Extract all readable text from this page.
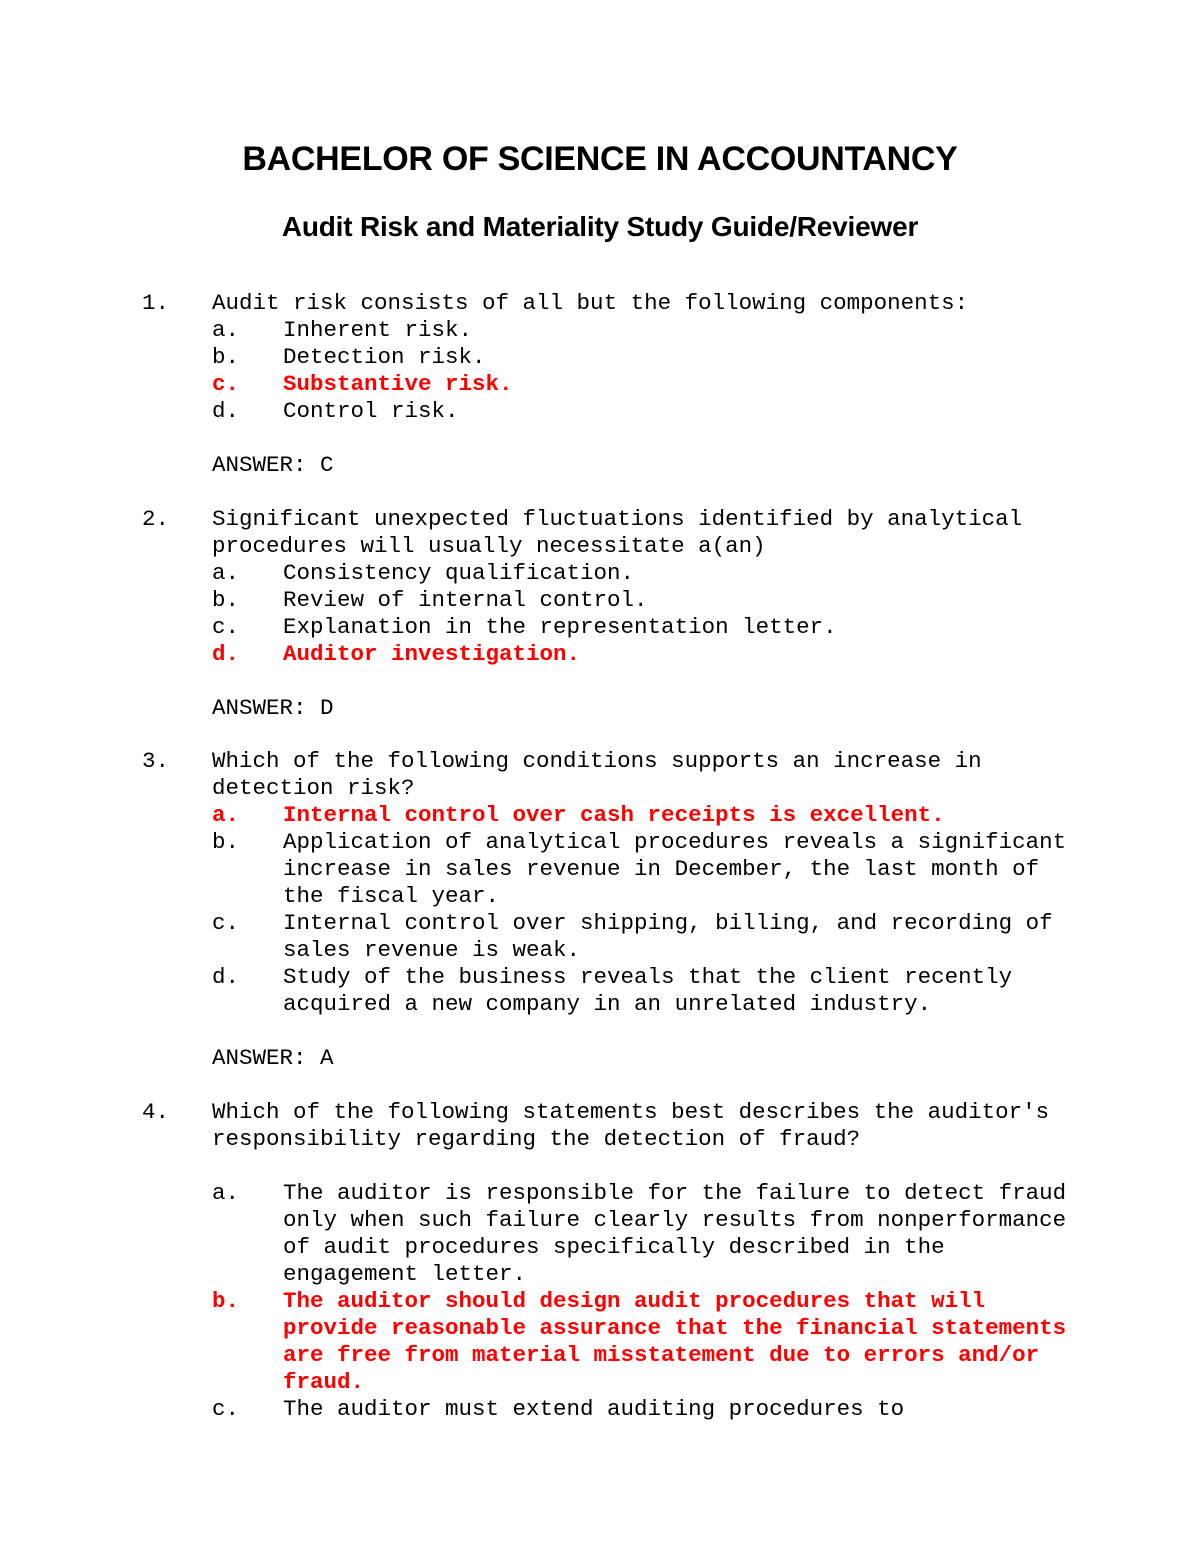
BACHELOR OF SCIENCE IN ACCOUNTANCY
Audit Risk and Materiality Study Guide/Reviewer
1. Audit risk consists of all but the following components:
a. Inherent risk.
b. Detection risk.
c. Substantive risk.
d. Control risk.
ANSWER: C
2. Significant unexpected fluctuations identified by analytical procedures will usually necessitate a(an)
a. Consistency qualification.
b. Review of internal control.
c. Explanation in the representation letter.
d. Auditor investigation.
ANSWER: D
3. Which of the following conditions supports an increase in detection risk?
a. Internal control over cash receipts is excellent.
b. Application of analytical procedures reveals a significant increase in sales revenue in December, the last month of the fiscal year.
c. Internal control over shipping, billing, and recording of sales revenue is weak.
d. Study of the business reveals that the client recently acquired a new company in an unrelated industry.
ANSWER: A
4. Which of the following statements best describes the auditor's responsibility regarding the detection of fraud?
a. The auditor is responsible for the failure to detect fraud only when such failure clearly results from nonperformance of audit procedures specifically described in the engagement letter.
b. The auditor should design audit procedures that will provide reasonable assurance that the financial statements are free from material misstatement due to errors and/or fraud.
c. The auditor must extend auditing procedures to
